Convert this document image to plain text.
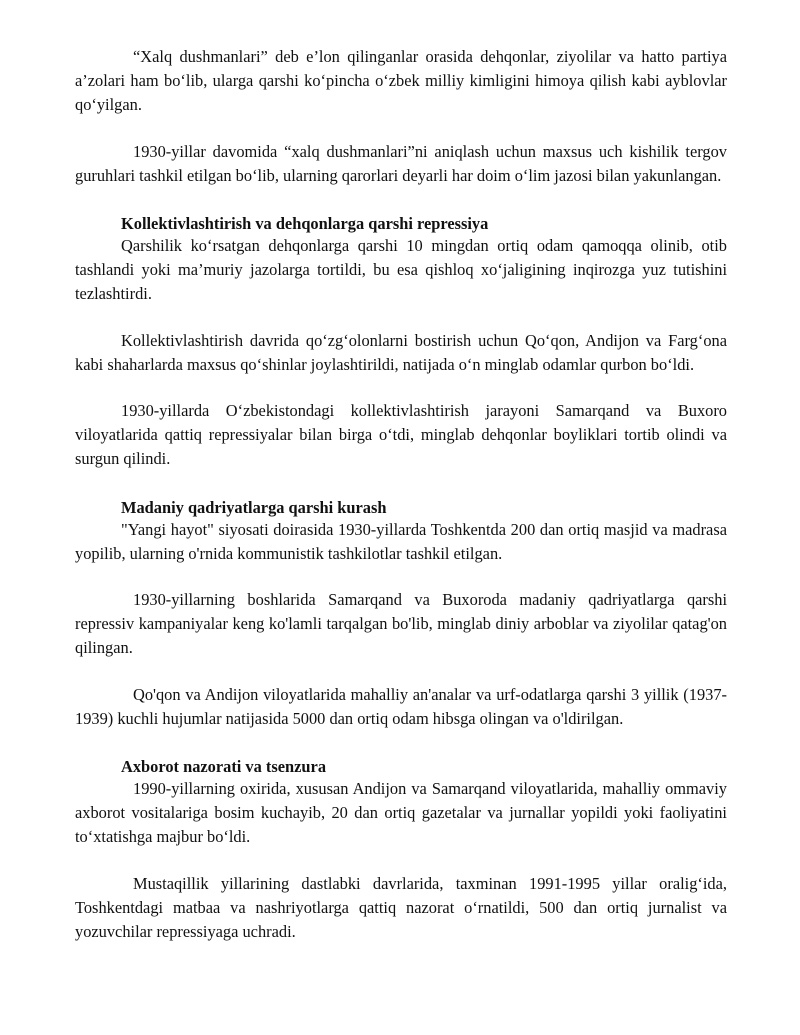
“Xalq dushmanlari” deb e’lon qilinganlar orasida dehqonlar, ziyolilar va hatto partiya a’zolari ham bo‘lib, ularga qarshi ko‘pincha o‘zbek milliy kimligini himoya qilish kabi ayblovlar qo‘yilgan.

1930-yillar davomida “xalq dushmanlari”ni aniqlash uchun maxsus uch kishilik tergov guruhlari tashkil etilgan bo‘lib, ularning qarorlari deyarli har doim o‘lim jazosi bilan yakunlangan.

Kollektivlashtirish va dehqonlarga qarshi repressiya

Qarshilik ko‘rsatgan dehqonlarga qarshi 10 mingdan ortiq odam qamoqqa olinib, otib tashlandi yoki ma’muriy jazolarga tortildi, bu esa qishloq xo‘jaligining inqirozga yuz tutishini tezlashtirdi.

Kollektivlashtirish davrida qo‘zg‘olonlarni bostirish uchun Qo‘qon, Andijon va Farg‘ona kabi shaharlarda maxsus qo‘shinlar joylashtirildi, natijada o‘n minglab odamlar qurbon bo‘ldi.

1930-yillarda O‘zbekistondagi kollektivlashtirish jarayoni Samarqand va Buxoro viloyatlarida qattiq repressiyalar bilan birga o‘tdi, minglab dehqonlar boyliklari tortib olindi va surgun qilindi.

Madaniy qadriyatlarga qarshi kurash

"Yangi hayot" siyosati doirasida 1930-yillarda Toshkentda 200 dan ortiq masjid va madrasa yopilib, ularning o'rnida kommunistik tashkilotlar tashkil etilgan.

1930-yillarning boshlarida Samarqand va Buxoroda madaniy qadriyatlarga qarshi repressiv kampaniyalar keng ko'lamli tarqalgan bo'lib, minglab diniy arboblar va ziyolilar qatag'on qilingan.

Qo'qon va Andijon viloyatlarida mahalliy an'analar va urf-odatlarga qarshi 3 yillik (1937-1939) kuchli hujumlar natijasida 5000 dan ortiq odam hibsga olingan va o'ldirilgan.

Axborot nazorati va tsenzura

1990-yillarning oxirida, xususan Andijon va Samarqand viloyatlarida, mahalliy ommaviy axborot vositalariga bosim kuchayib, 20 dan ortiq gazetalar va jurnallar yopildi yoki faoliyatini to‘xtatishga majbur bo‘ldi.

Mustaqillik yillarining dastlabki davrlarida, taxminan 1991-1995 yillar oralig‘ida, Toshkentdagi matbaa va nashriyotlarga qattiq nazorat o‘rnatildi, 500 dan ortiq jurnalist va yozuvchilar repressiyaga uchradi.
